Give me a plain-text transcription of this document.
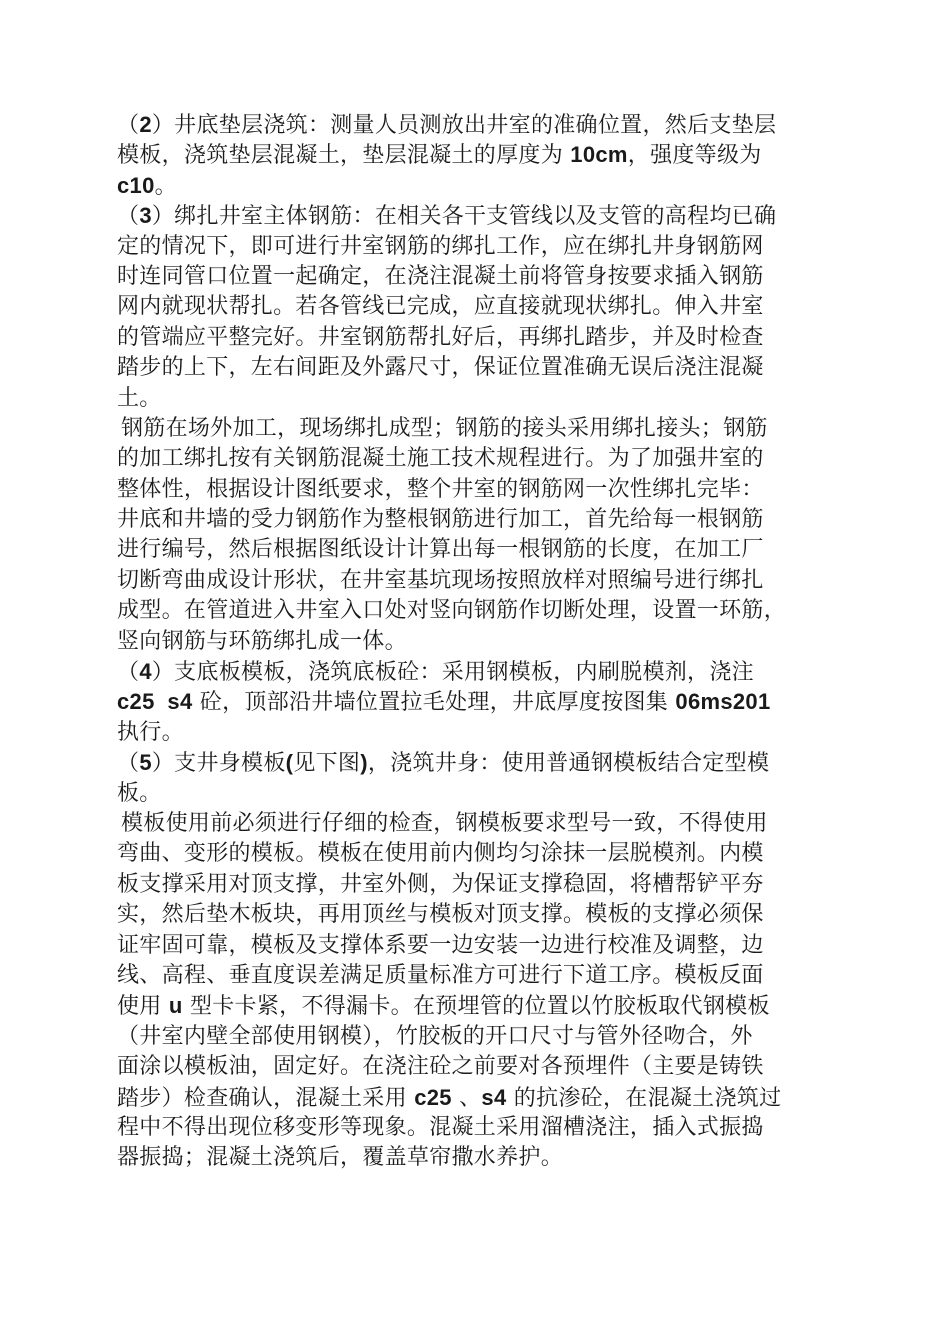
（2）井底垫层浇筑：测量人员测放出井室的准确位置，然后支垫层
模板，浇筑垫层混凝土，垫层混凝土的厚度为 10cm，强度等级为
c10。
（3）绑扎井室主体钢筋：在相关各干支管线以及支管的高程均已确
定的情况下，即可进行井室钢筋的绑扎工作，应在绑扎井身钢筋网
时连同管口位置一起确定，在浇注混凝土前将管身按要求插入钢筋
网内就现状帮扎。若各管线已完成，应直接就现状绑扎。伸入井室
的管端应平整完好。井室钢筋帮扎好后，再绑扎踏步，并及时检查
踏步的上下，左右间距及外露尺寸，保证位置准确无误后浇注混凝
土。
钢筋在场外加工，现场绑扎成型；钢筋的接头采用绑扎接头；钢筋
的加工绑扎按有关钢筋混凝土施工技术规程进行。为了加强井室的
整体性，根据设计图纸要求，整个井室的钢筋网一次性绑扎完毕：
井底和井墙的受力钢筋作为整根钢筋进行加工，首先给每一根钢筋
进行编号，然后根据图纸设计计算出每一根钢筋的长度，在加工厂
切断弯曲成设计形状，在井室基坑现场按照放样对照编号进行绑扎
成型。在管道进入井室入口处对竖向钢筋作切断处理，设置一环筋，
竖向钢筋与环筋绑扎成一体。
（4）支底板模板，浇筑底板砼：采用钢模板，内刷脱模剂，浇注
c25  s4 砼，顶部沿井墙位置拉毛处理，井底厚度按图集 06ms201
执行。
（5）支井身模板(见下图)，浇筑井身：使用普通钢模板结合定型模
板。
模板使用前必须进行仔细的检查，钢模板要求型号一致，不得使用
弯曲、变形的模板。模板在使用前内侧均匀涂抹一层脱模剂。内模
板支撑采用对顶支撑，井室外侧，为保证支撑稳固，将槽帮铲平夯
实，然后垫木板块，再用顶丝与模板对顶支撑。模板的支撑必须保
证牢固可靠，模板及支撑体系要一边安装一边进行校准及调整，边
线、高程、垂直度误差满足质量标准方可进行下道工序。模板反面
使用 u 型卡卡紧，不得漏卡。在预埋管的位置以竹胶板取代钢模板
（井室内壁全部使用钢模），竹胶板的开口尺寸与管外径吻合，外
面涂以模板油，固定好。在浇注砼之前要对各预埋件（主要是铸铁
踏步）检查确认，混凝土采用 c25 、s4 的抗渗砼，在混凝土浇筑过
程中不得出现位移变形等现象。混凝土采用溜槽浇注，插入式振捣
器振捣；混凝土浇筑后，覆盖草帘撒水养护。
